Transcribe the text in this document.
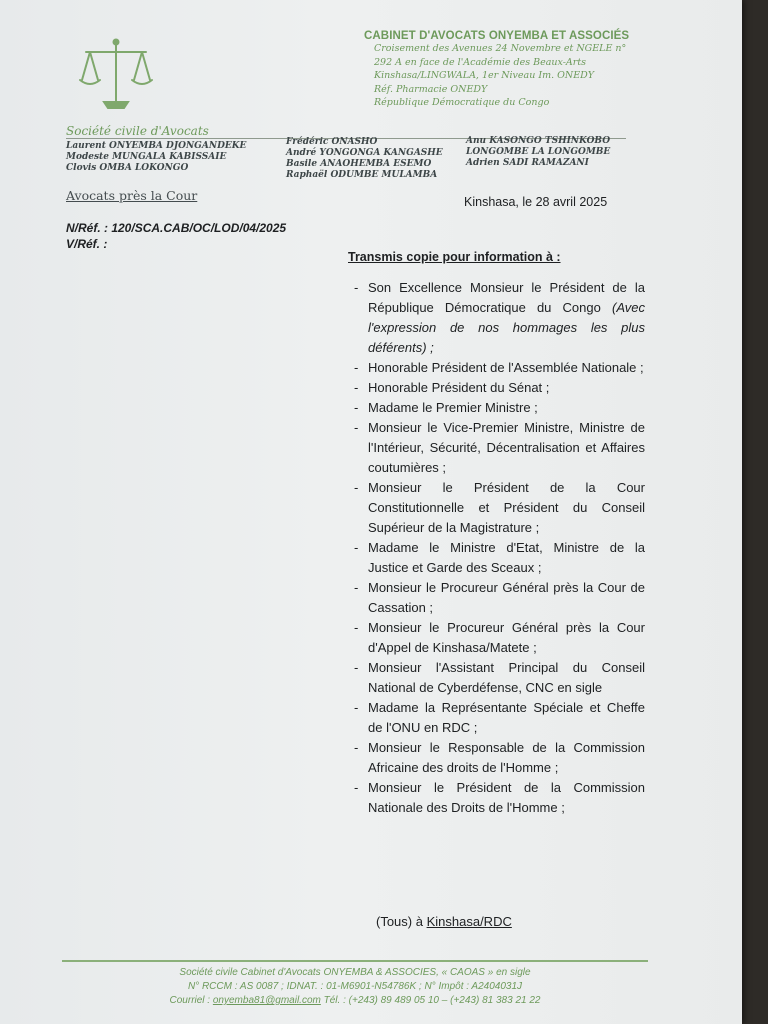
CABINET D'AVOCATS ONYEMBA ET ASSOCIÉS
Croisement des Avenues 24 Novembre et NGELE n°
292 A en face de l'Académie des Beaux-Arts
Kinshasa/LINGWALA, 1er Niveau Im. ONEDY
Réf. Pharmacie ONEDY
République Démocratique du Congo
Société civile d'Avocats
Laurent ONYEMBA DJONGANDEKE
Modeste MUNGALA KABISSAIE
Clovis OMBA LOKONGO
Frédéric ONASHO
André YONGONGA KANGASHE
Basile ANAOHEMBA ESEMO
Raphaël ODUMBE MULAMBA
Anu KASONGO TSHINKOBO
LONGOMBE LA LONGOMBE
Adrien SADI RAMAZANI
Avocats près la Cour	Kinshasa, le 28 avril 2025
N/Réf. : 120/SCA.CAB/OC/LOD/04/2025
V/Réf. :
Transmis copie pour information à :
- Son Excellence Monsieur le Président de la République Démocratique du Congo (Avec l'expression de nos hommages les plus déférents) ;
- Honorable Président de l'Assemblée Nationale ;
- Honorable Président du Sénat ;
- Madame le Premier Ministre ;
- Monsieur le Vice-Premier Ministre, Ministre de l'Intérieur, Sécurité, Décentralisation et Affaires coutumières ;
- Monsieur le Président de la Cour Constitutionnelle et Président du Conseil Supérieur de la Magistrature ;
- Madame le Ministre d'Etat, Ministre de la Justice et Garde des Sceaux ;
- Monsieur le Procureur Général près la Cour de Cassation ;
- Monsieur le Procureur Général près la Cour d'Appel de Kinshasa/Matete ;
- Monsieur l'Assistant Principal du Conseil National de Cyberdéfense, CNC en sigle
- Madame la Représentante Spéciale et Cheffe de l'ONU en RDC ;
- Monsieur le Responsable de la Commission Africaine des droits de l'Homme ;
- Monsieur le Président de la Commission Nationale des Droits de l'Homme ;
(Tous) à Kinshasa/RDC
Société civile Cabinet d'Avocats ONYEMBA & ASSOCIES, « CAOAS » en sigle
N° RCCM : AS 0087 ; IDNAT. : 01-M6901-N54786K ; N° Impôt : A2404031J
Courriel : onyemba81@gmail.com Tél. : (+243) 89 489 05 10 – (+243) 81 383 21 22
